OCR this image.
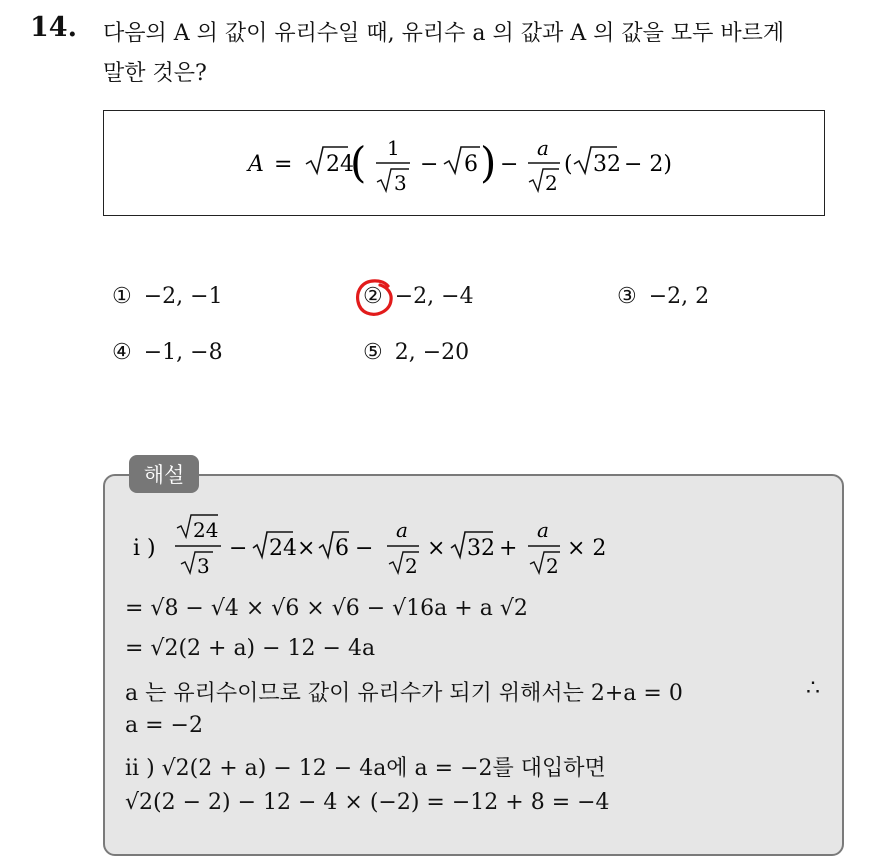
14. 다음의 A 의 값이 유리수일 때, 유리수 a 의 값과 A 의 값을 모두 바르게
말한 것은?
A = 24
( 1
3
− 6 ) −
a
2
( 32 − 2)
① −2, −1	② −2, −4	③ −2, 2
④ −1, −8	⑤ 2, −20
해설
ⅰ )
24
3
− 24 × 6 −
a
2
× 32 +
a
2
× 2
= √8 − √4 × √6 × √6 − √16a + a √2
= √2(2 + a) − 12 − 4a
a 는 유리수이므로 값이 유리수가 되기 위해서는 2+a = 0	∴
a = −2
ⅱ ) √2(2 + a) − 12 − 4a에 a = −2를 대입하면
√2(2 − 2) − 12 − 4 × (−2) = −12 + 8 = −4
